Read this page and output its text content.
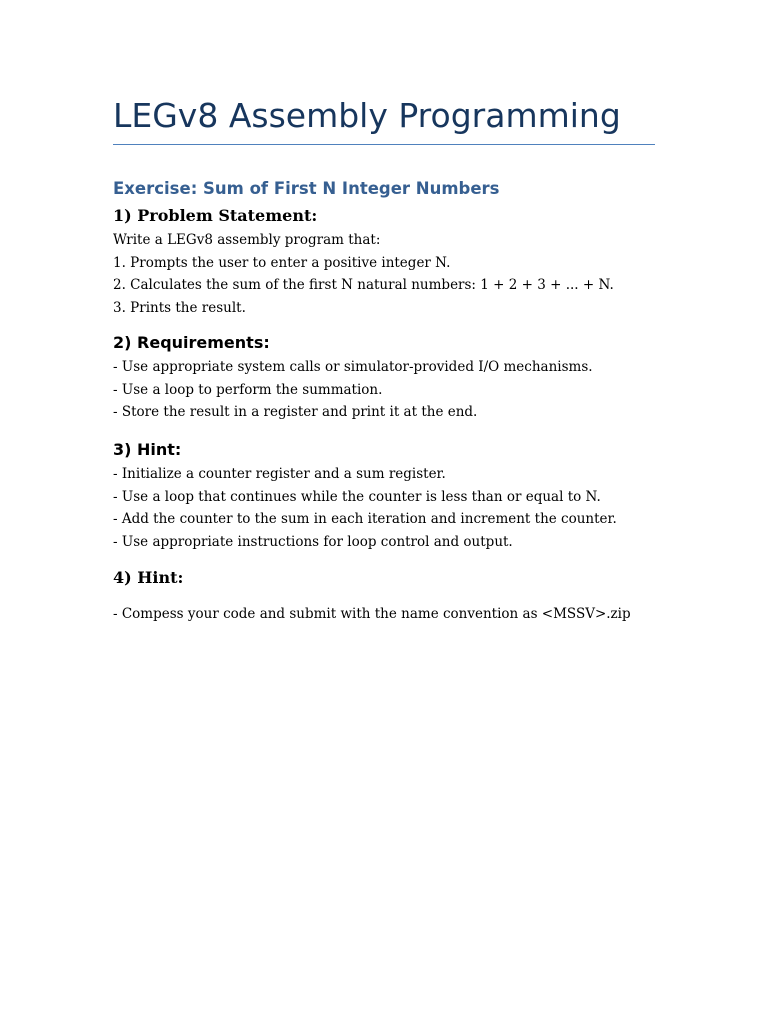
LEGv8 Assembly Programming
Exercise: Sum of First N Integer Numbers
1) Problem Statement:

Write a LEGv8 assembly program that:

1. Prompts the user to enter a positive integer N.

2. Calculates the sum of the first N natural numbers: 1 + 2 + 3 + ... + N.

3. Prints the result.

2) Requirements:

- Use appropriate system calls or simulator-provided I/O mechanisms.

- Use a loop to perform the summation.

- Store the result in a register and print it at the end.

3) Hint:

- Initialize a counter register and a sum register.

- Use a loop that continues while the counter is less than or equal to N.

- Add the counter to the sum in each iteration and increment the counter.

- Use appropriate instructions for loop control and output.

4) Hint:

- Compess your code and submit with the name convention as <MSSV>.zip
